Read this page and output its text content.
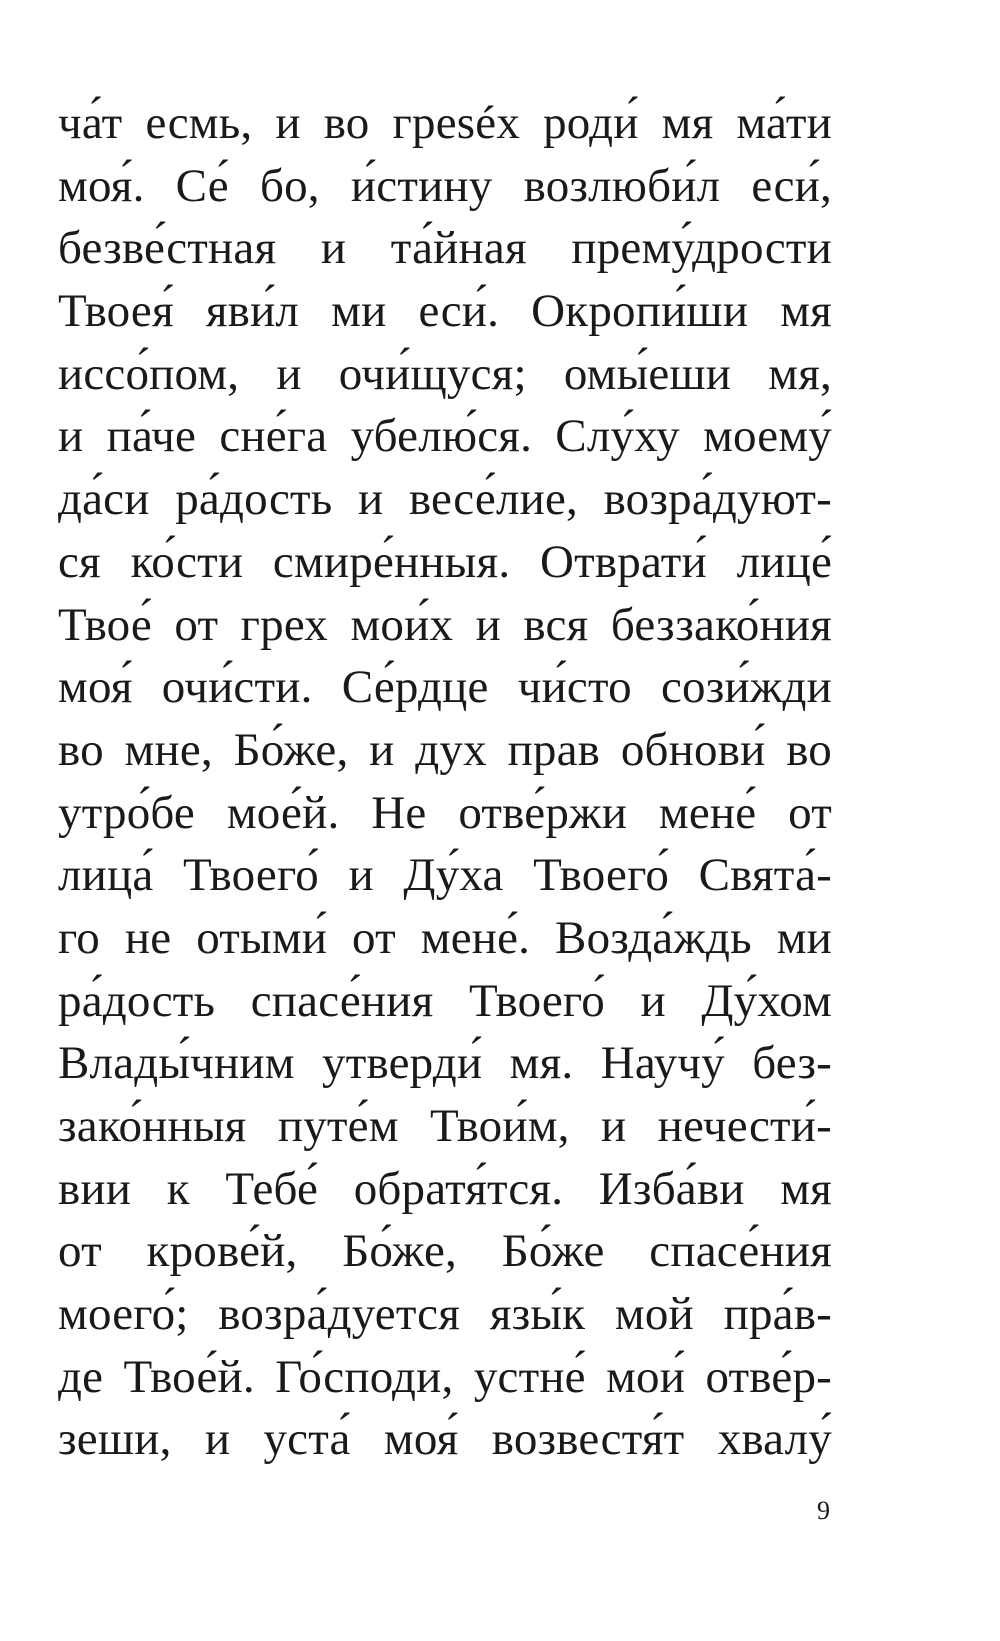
ча́т есмь, и во грeséх роди́ мя ма́ти
моя́. Се́ бо, и́стину возлюби́л еси́,
безве́стная и та́йная прему́дрости
Твоея́ яви́л ми еси́. Окропи́ши мя
иссо́пом, и очи́щуся; омы́еши мя,
и па́че сне́га убелю́ся. Слу́ху моему́
да́си ра́дость и весе́лие, возра́дуют-
ся ко́сти смире́нныя. Отврати́ лице́
Твое́ от грех мои́х и вся беззако́ния
моя́ очи́сти. Се́рдце чи́сто сози́жди
во мне, Бо́же, и дух прав обнови́ во
утро́бе мое́й. Не отве́ржи мене́ от
лица́ Твоего́ и Ду́ха Твоего́ Свята́-
го не отыми́ от мене́. Возда́ждь ми
ра́дость спасе́ния Твоего́ и Ду́хом
Влады́чним утверди́ мя. Научу́ без-
зако́нныя путе́м Твои́м, и нечести́-
вии к Тебе́ обратя́тся. Изба́ви мя
от крове́й, Бо́же, Бо́же спасе́ния
моего́; возра́дуется язы́к мой пра́в-
де Твое́й. Го́споди, устне́ мои́ отве́р-
зеши, и уста́ моя́ возвестя́т хвалу́
9
